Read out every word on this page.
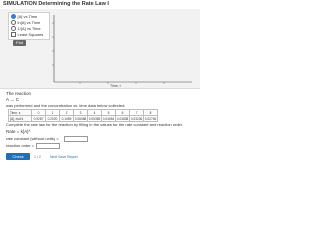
SIMULATION Determining the Rate Law I
[A] vs Time
ln[A] vs Time
1/[A] vs Time
Least Squares
Plot
Time, t
The reaction
A → C
was performed and the concentration vs. time data below collected.
Time, s	0	1	2	3	4	5	6	7	8
[A], mol/L	0.9287	0.2020	0.1089	0.06088	0.05355	0.04554	0.03838	0.03236	0.02746
Complete the rate law for the reaction by filling in the values for the rate constant and reaction order.
Rate = k[A]^
rate constant (without units) =
reaction order =
Check	1 / 2	Next Save Report
